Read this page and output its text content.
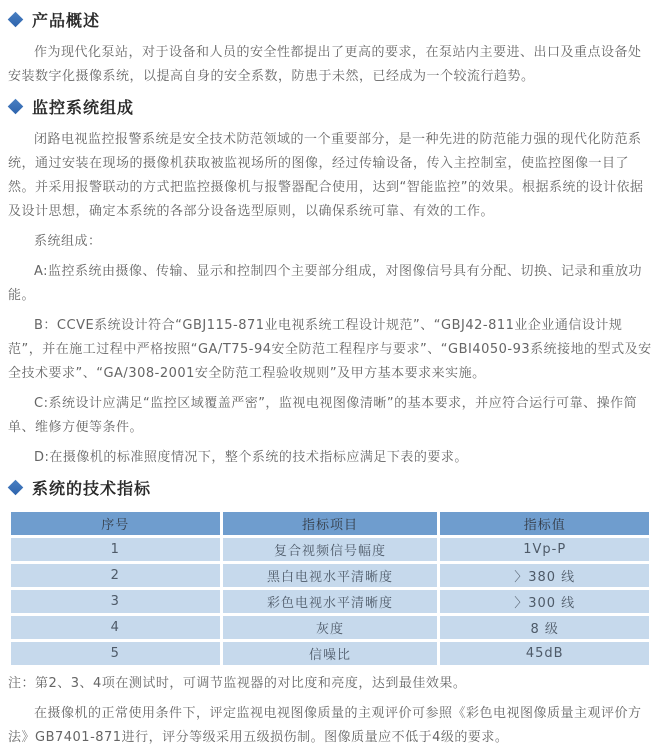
产品概述

作为现代化泵站，对于设备和人员的安全性都提出了更高的要求，在泵站内主要进、出口及重点设备处安装数字化摄像系统，以提高自身的安全系数，防患于未然，已经成为一个较流行趋势。

监控系统组成

闭路电视监控报警系统是安全技术防范领域的一个重要部分，是一种先进的防范能力强的现代化防范系统，通过安装在现场的摄像机获取被监视场所的图像，经过传输设备，传入主控制室，使监控图像一目了然。并采用报警联动的方式把监控摄像机与报警器配合使用，达到“智能监控”的效果。根据系统的设计依据及设计思想，确定本系统的各部分设备选型原则，以确保系统可靠、有效的工作。

系统组成：

A:监控系统由摄像、传输、显示和控制四个主要部分组成，对图像信号具有分配、切换、记录和重放功能。

B：CCVE系统设计符合“GBJ115-871业电视系统工程设计规范”、“GBJ42-811业企业通信设计规范”，并在施工过程中严格按照“GA/T75-94安全防范工程程序与要求”、“GBI4050-93系统接地的型式及安全技术要求”、“GA/308-2001安全防范工程验收规则”及甲方基本要求来实施。

C:系统设计应满足“监控区域覆盖严密”，监视电视图像清晰”的基本要求，并应符合运行可靠、操作简单、维修方便等条件。

D:在摄像机的标准照度情况下，整个系统的技术指标应满足下表的要求。

系统的技术指标
序号	指标项目	指标值
1	复合视频信号幅度	1Vp-P
2	黑白电视水平清晰度	〉380 线
3	彩色电视水平清晰度	〉300 线
4	灰度	8 级
5	信噪比	45dB

注：第2、3、4项在测试时，可调节监视器的对比度和亮度，达到最佳效果。

在摄像机的正常使用条件下，评定监视电视图像质量的主观评价可参照《彩色电视图像质量主观评价方法》GB7401-871进行，评分等级采用五级损伤制。图像质量应不低于4级的要求。
